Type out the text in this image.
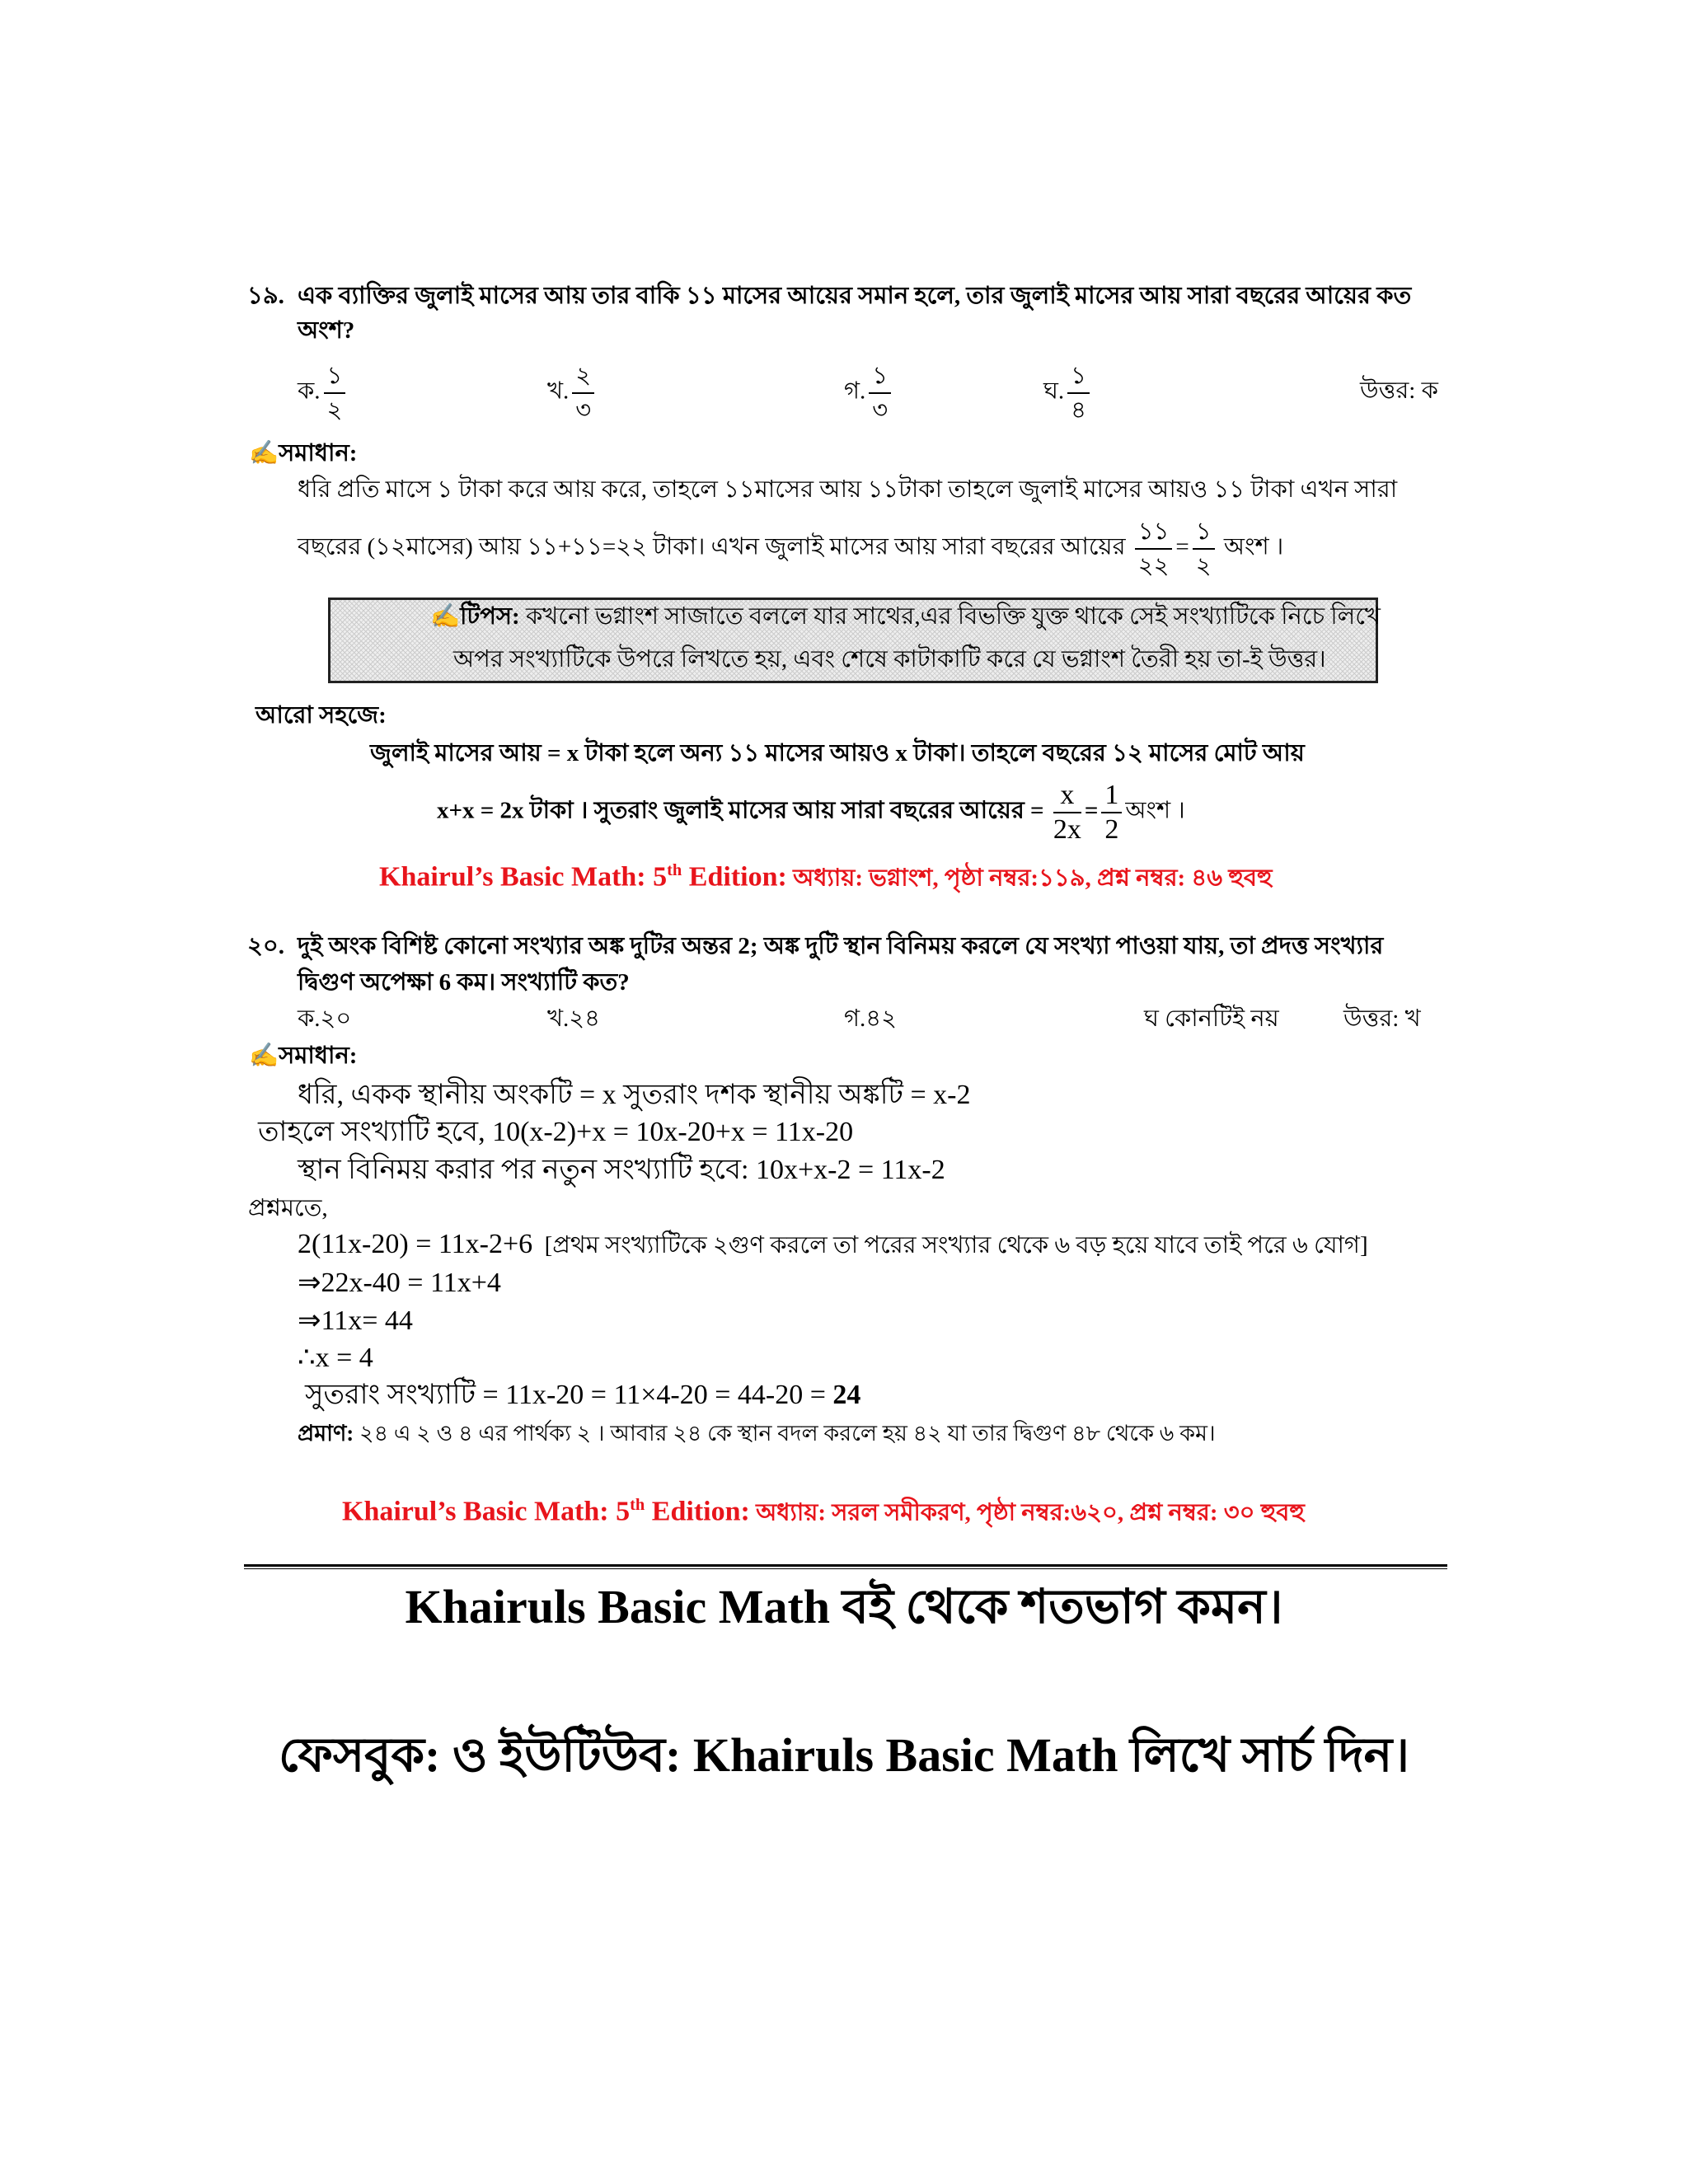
১৯. এক ব্যাক্তির জুলাই মাসের আয় তার বাকি ১১ মাসের আয়ের সমান হলে, তার জুলাই মাসের আয় সারা বছরের আয়ের কত
অংশ?
ক. $\frac{১}{২}$	খ. $\frac{২}{৩}$	গ. $\frac{১}{৩}$	ঘ. $\frac{১}{৪}$	উত্তর: ক
✍সমাধান:
ধরি প্রতি মাসে ১ টাকা করে আয় করে, তাহলে ১১মাসের আয় ১১টাকা তাহলে জুলাই মাসের আয়ও ১১ টাকা এখন সারা
বছরের (১২মাসের) আয় ১১+১১=২২ টাকা। এখন জুলাই মাসের আয় সারা বছরের আয়ের $\frac{১১}{২২} = \frac{১}{২}$ অংশ ।
✍টিপস: কখনো ভগ্নাংশ সাজাতে বললে যার সাথের,এর বিভক্তি যুক্ত থাকে সেই সংখ্যাটিকে নিচে লিখে
অপর সংখ্যাটিকে উপরে লিখতে হয়, এবং শেষে কাটাকাটি করে যে ভগ্নাংশ তৈরী হয় তা-ই উত্তর।
আরো সহজে:
জুলাই মাসের আয় = x টাকা হলে অন্য ১১ মাসের আয়ও x টাকা। তাহলে বছরের ১২ মাসের মোট আয়
x+x = 2x টাকা । সুতরাং জুলাই মাসের আয় সারা বছরের আয়ের = $\frac{x}{2x} = \frac{1}{2}$ অংশ ।
Khairul’s Basic Math: 5th Edition: অধ্যায়: ভগ্নাংশ, পৃষ্ঠা নম্বর:১১৯, প্রশ্ন নম্বর: ৪৬ হুবহু
২০. দুই অংক বিশিষ্ট কোনো সংখ্যার অঙ্ক দুটির অন্তর 2; অঙ্ক দুটি স্থান বিনিময় করলে যে সংখ্যা পাওয়া যায়, তা প্রদত্ত সংখ্যার
দ্বিগুণ অপেক্ষা 6 কম। সংখ্যাটি কত?
ক.২০	খ.২৪	গ.৪২	ঘ কোনটিই নয়	উত্তর: খ
✍সমাধান:
ধরি, একক স্থানীয় অংকটি = x সুতরাং দশক স্থানীয় অঙ্কটি = x-2
তাহলে সংখ্যাটি হবে, 10(x-2)+x = 10x-20+x = 11x-20
স্থান বিনিময় করার পর নতুন সংখ্যাটি হবে: 10x+x-2 = 11x-2
প্রশ্নমতে,
2(11x-20) = 11x-2+6 [প্রথম সংখ্যাটিকে ২গুণ করলে তা পরের সংখ্যার থেকে ৬ বড় হয়ে যাবে তাই পরে ৬ যোগ]
⇒22x-40 = 11x+4
⇒11x= 44
∴x = 4
সুতরাং সংখ্যাটি = 11x-20 = 11×4-20 = 44-20 = 24
প্রমাণ: ২৪ এ ২ ও ৪ এর পার্থক্য ২ । আবার ২৪ কে স্থান বদল করলে হয় ৪২ যা তার দ্বিগুণ ৪৮ থেকে ৬ কম।
Khairul’s Basic Math: 5th Edition: অধ্যায়: সরল সমীকরণ, পৃষ্ঠা নম্বর:৬২০, প্রশ্ন নম্বর: ৩০ হুবহু
Khairuls Basic Math বই থেকে শতভাগ কমন।
ফেসবুক: ও ইউটিউব: Khairuls Basic Math লিখে সার্চ দিন।
